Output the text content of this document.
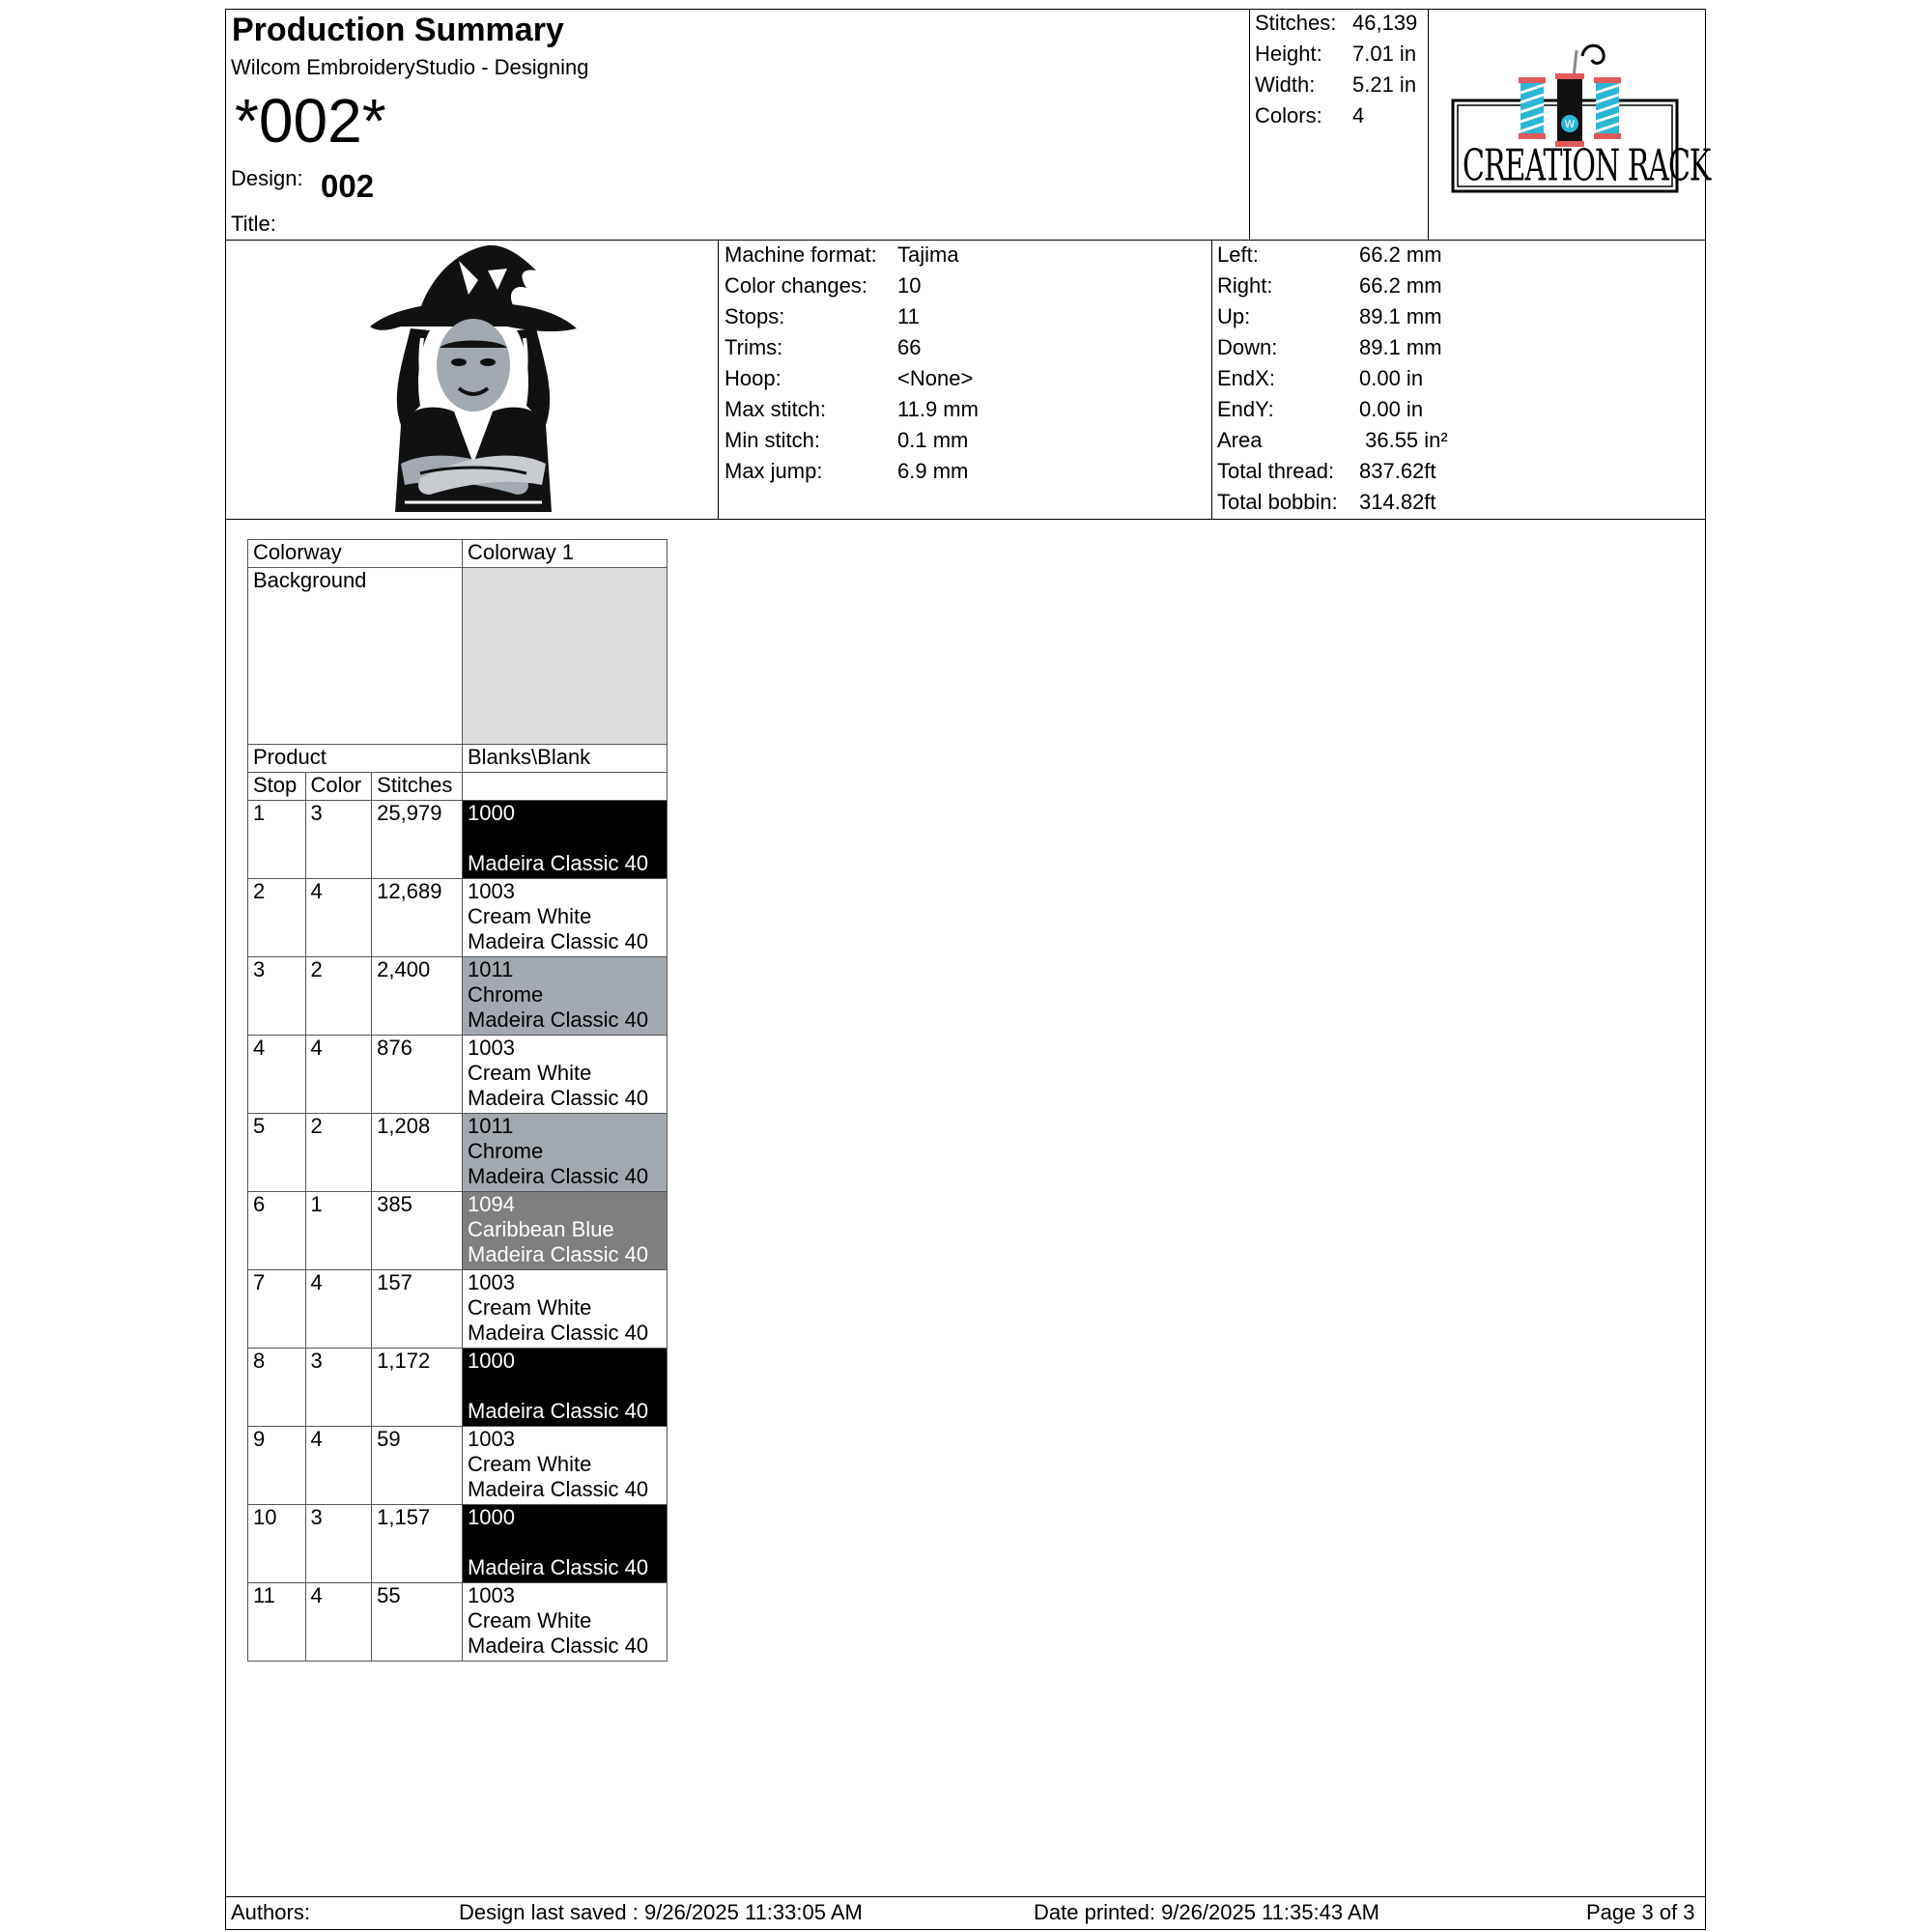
Production Summary
Wilcom EmbroideryStudio - Designing
*002*
Design: 002
Title:
Stitches: 46,139
Height: 7.01 in
Width: 5.21 in
Colors: 4	W
CREATION RACK
Machine format: Tajima
Color changes: 10
Stops:	11
Trims:	66
Hoop:	<None>
Max stitch:	11.9 mm
Min stitch:	0.1 mm
Max jump:	6.9 mm
Left:	66.2 mm
Right:	66.2 mm
Up:	89.1 mm
Down:	89.1 mm
EndX:	0.00 in
EndY:	0.00 in
Area	36.55 in²
Total thread: 837.62ft
Total bobbin: 314.82ft
Colorway			Colorway 1
Background			
Product			Blanks\Blank
Stop	Color	Stitches	
1	3	25,979	1000
Madeira Classic 40

2	4	12,689	1003
Cream White
Madeira Classic 40

3	2	2,400	1011
Chrome
Madeira Classic 40

4	4	876	1003
Cream White
Madeira Classic 40

5	2	1,208	1011
Chrome
Madeira Classic 40

6	1	385	1094
Caribbean Blue
Madeira Classic 40

7	4	157	1003
Cream White
Madeira Classic 40

8	3	1,172	1000
Madeira Classic 40

9	4	59	1003
Cream White
Madeira Classic 40

10	3	1,157	1000
Madeira Classic 40

11	4	55	1003
Cream White
Madeira Classic 40
Authors:	Design last saved : 9/26/2025 11:33:05 AM	Date printed: 9/26/2025 11:35:43 AM	Page 3 of 3
